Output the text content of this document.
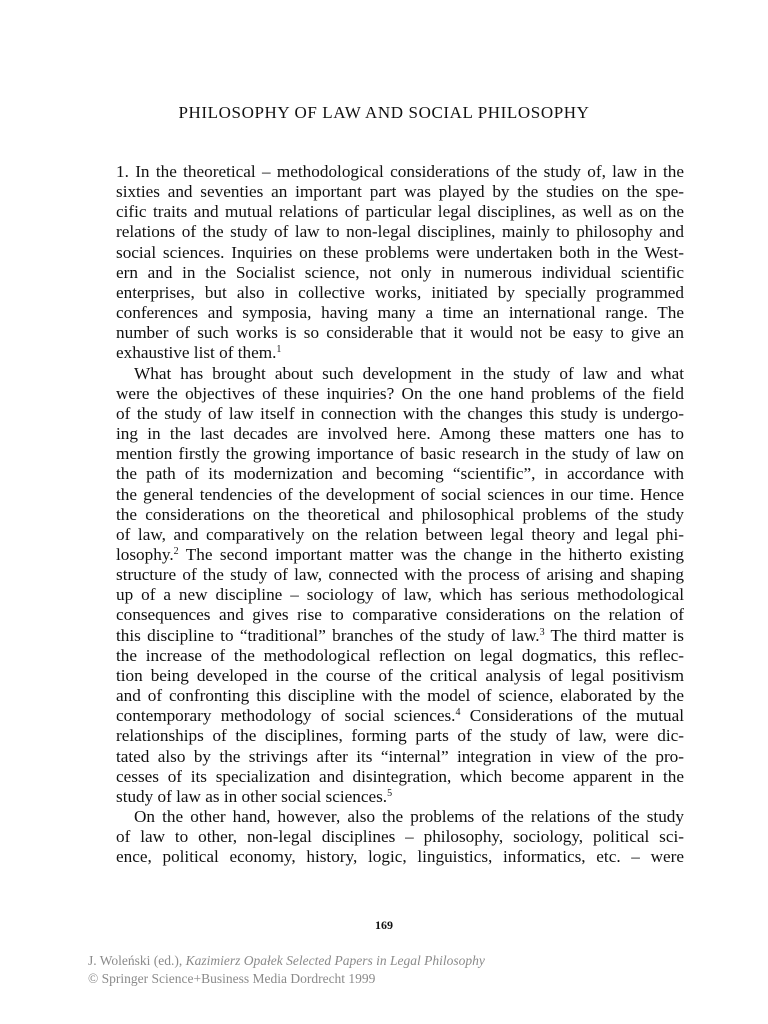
PHILOSOPHY OF LAW AND SOCIAL PHILOSOPHY

1. In the theoretical – methodological considerations of the study of, law in the
sixties and seventies an important part was played by the studies on the spe-
cific traits and mutual relations of particular legal disciplines, as well as on the
relations of the study of law to non-legal disciplines, mainly to philosophy and
social sciences. Inquiries on these problems were undertaken both in the West-
ern and in the Socialist science, not only in numerous individual scientific
enterprises, but also in collective works, initiated by specially programmed
conferences and symposia, having many a time an international range. The
number of such works is so considerable that it would not be easy to give an
exhaustive list of them.$^1$

What has brought about such development in the study of law and what
were the objectives of these inquiries? On the one hand problems of the field
of the study of law itself in connection with the changes this study is undergo-
ing in the last decades are involved here. Among these matters one has to
mention firstly the growing importance of basic research in the study of law on
the path of its modernization and becoming “scientific”, in accordance with
the general tendencies of the development of social sciences in our time. Hence
the considerations on the theoretical and philosophical problems of the study
of law, and comparatively on the relation between legal theory and legal phi-
losophy.$^2$ The second important matter was the change in the hitherto existing
structure of the study of law, connected with the process of arising and shaping
up of a new discipline – sociology of law, which has serious methodological
consequences and gives rise to comparative considerations on the relation of
this discipline to “traditional” branches of the study of law.$^3$ The third matter is
the increase of the methodological reflection on legal dogmatics, this reflec-
tion being developed in the course of the critical analysis of legal positivism
and of confronting this discipline with the model of science, elaborated by the
contemporary methodology of social sciences.$^4$ Considerations of the mutual
relationships of the disciplines, forming parts of the study of law, were dic-
tated also by the strivings after its “internal” integration in view of the pro-
cesses of its specialization and disintegration, which become apparent in the
study of law as in other social sciences.$^5$

On the other hand, however, also the problems of the relations of the study
of law to other, non-legal disciplines – philosophy, sociology, political sci-
ence, political economy, history, logic, linguistics, informatics, etc. – were

169
J. Woleński (ed.), Kazimierz Opałek Selected Papers in Legal Philosophy
© Springer Science+Business Media Dordrecht 1999
